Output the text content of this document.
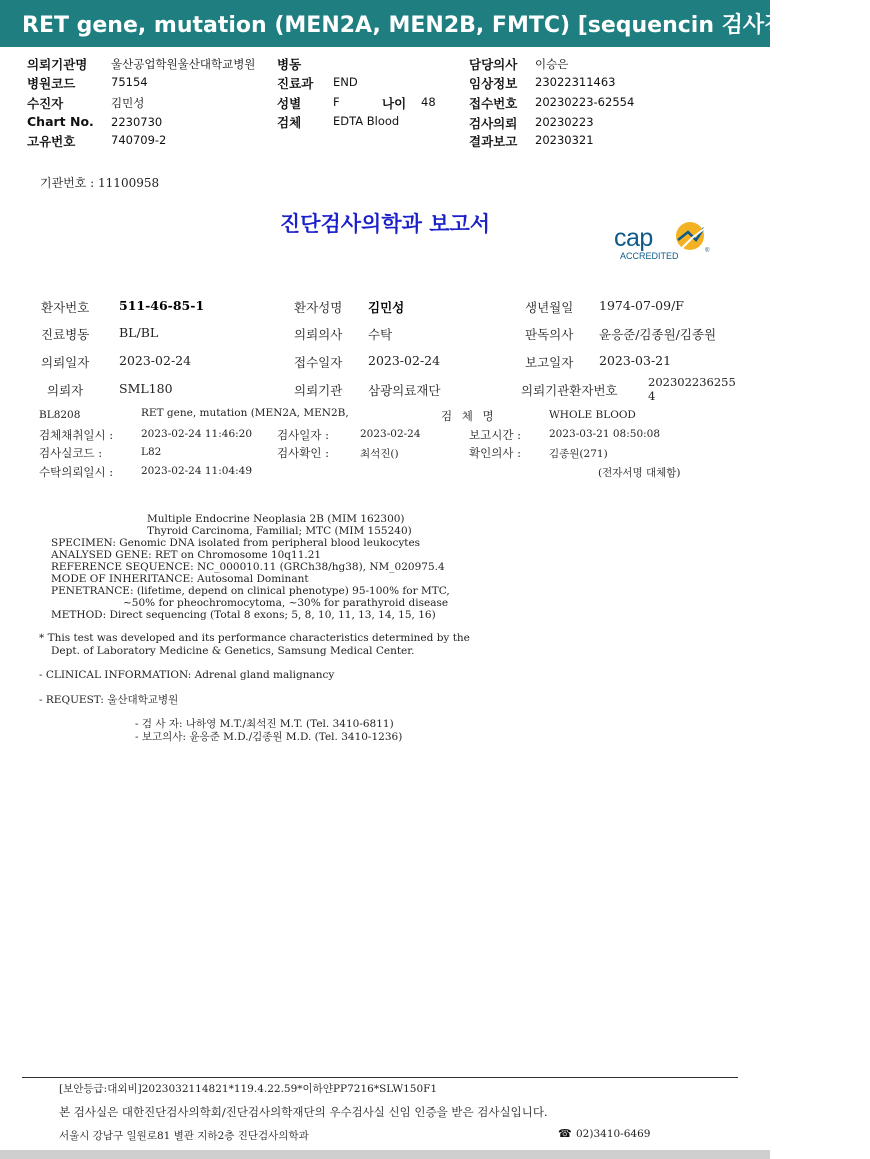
RET gene, mutation (MEN2A, MEN2B, FMTC) [sequencin 검사결과보고서
의뢰기관명 울산공업학원울산대학교병원 병동	담당의사 이승은
병원코드	75154	진료과 END	임상정보 23022311463
수진자	김민성	성별	F	나이 48	접수번호 20230223-62554
Chart No. 2230730	검체	EDTA Blood	검사의뢰 20230223
고유번호	740709-2	결과보고 20230321
기관번호 : 11100958
진단검사의학과 보고서
cap	®
ACCREDITED
환자번호 511-46-85-1	환자성명 김민성	생년월일 1974-07-09/F
진료병동 BL/BL	의뢰의사 수탁	판독의사 윤응준/김종원/김종원
의뢰일자 2023-02-24	접수일자 2023-02-24	보고일자 2023-03-21
의뢰자	SML180	의뢰기관 삼광의료재단	의뢰기관환자번호
202302236255
4
BL8208	RET gene, mutation (MEN2A, MEN2B,	검 체 명	WHOLE BLOOD
검체채취일시 :	2023-02-24 11:46:20 검사일자 :	2023-02-24	보고시간 :	2023-03-21 08:50:08
검사실코드 :	L82	검사확인 :	최석진()	확인의사 :	김종원(271)
수탁의뢰일시 :	2023-02-24 11:04:49	(전자서명 대체함)
Multiple Endocrine Neoplasia 2B (MIM 162300)
Thyroid Carcinoma, Familial; MTC (MIM 155240)
SPECIMEN: Genomic DNA isolated from peripheral blood leukocytes
ANALYSED GENE: RET on Chromosome 10q11.21
REFERENCE SEQUENCE: NC_000010.11 (GRCh38/hg38), NM_020975.4
MODE OF INHERITANCE: Autosomal Dominant
PENETRANCE: (lifetime, depend on clinical phenotype) 95-100% for MTC,
~50% for pheochromocytoma, ~30% for parathyroid disease
METHOD: Direct sequencing (Total 8 exons; 5, 8, 10, 11, 13, 14, 15, 16)
* This test was developed and its performance characteristics determined by the
Dept. of Laboratory Medicine & Genetics, Samsung Medical Center.
- CLINICAL INFORMATION: Adrenal gland malignancy
- REQUEST: 울산대학교병원
- 검 사 자: 나하영 M.T./최석진 M.T. (Tel. 3410-6811)
- 보고의사: 윤응준 M.D./김종원 M.D. (Tel. 3410-1236)
[보안등급:대외비]2023032114821*119.4.22.59*이하얀PP7216*SLW150F1
본 검사실은 대한진단검사의학회/진단검사의학재단의 우수검사실 신임 인증을 받은 검사실입니다.
서울시 강남구 일원로81 별관 지하2층 진단검사의학과	☎ 02)3410-6469
